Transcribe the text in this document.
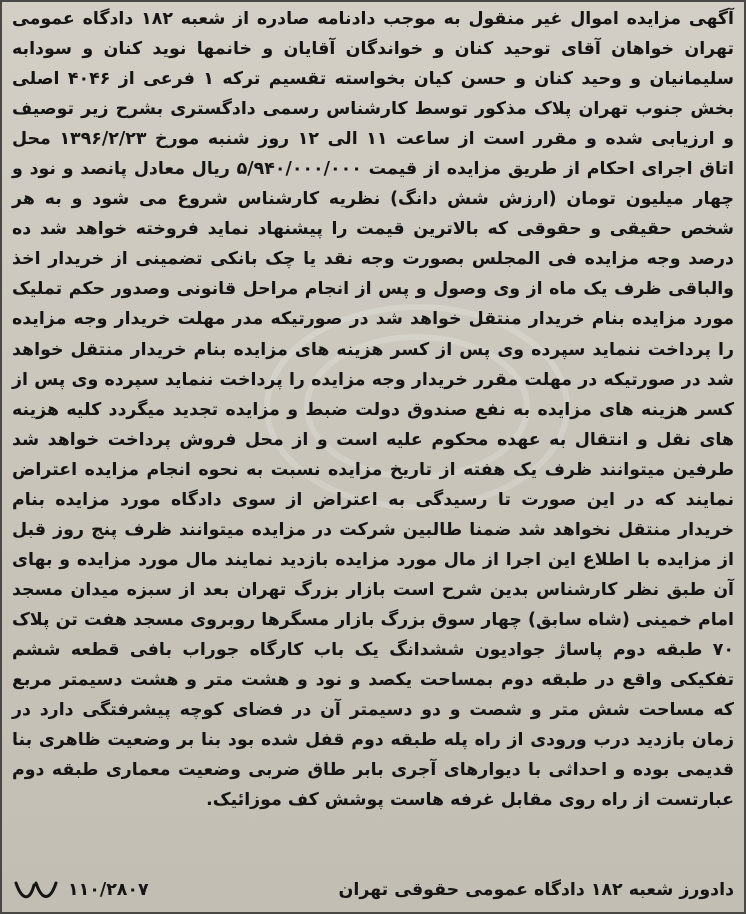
آگهی مزایده اموال غیر منقول به موجب دادنامه صادره از شعبه ۱۸۲ دادگاه عمومی تهران خواهان آقای توحید کنان و خواندگان آقایان و خانمها نوید کنان و سودابه سلیمانیان و وحید کنان و حسن کیان بخواسته تقسیم ترکه ۱ فرعی از ۴۰۴۶ اصلی بخش جنوب تهران پلاک مذکور توسط کارشناس رسمی دادگستری بشرح زیر توصیف و ارزیابی شده و مقرر است از ساعت ۱۱ الی ۱۲ روز شنبه مورخ ۱۳۹۶/۲/۲۳ محل اتاق اجرای احکام از طریق مزایده از قیمت ۵/۹۴۰/۰۰۰/۰۰۰ ریال معادل پانصد و نود و چهار میلیون تومان (ارزش شش دانگ) نظریه کارشناس شروع می شود و به هر شخص حقیقی و حقوقی که بالاترین قیمت را پیشنهاد نماید فروخته خواهد شد ده درصد وجه مزایده فی المجلس بصورت وجه نقد یا چک بانکی تضمینی از خریدار اخذ والباقی ظرف یک ماه از وی وصول و پس از انجام مراحل قانونی وصدور حکم تملیک مورد مزایده بنام خریدار منتقل خواهد شد در صورتیکه مدر مهلت خریدار وجه مزایده را پرداخت ننماید سپرده وی پس از کسر هزینه های مزایده بنام خریدار منتقل خواهد شد در صورتیکه در مهلت مقرر خریدار وجه مزایده را پرداخت ننماید سپرده وی پس از کسر هزینه های مزایده به نفع صندوق دولت ضبط و مزایده تجدید میگردد کلیه هزینه های نقل و انتقال به عهده محکوم علیه است و از محل فروش پرداخت خواهد شد طرفین میتوانند ظرف یک هفته از تاریخ مزایده نسبت به نحوه انجام مزایده اعتراض نمایند که در این صورت تا رسیدگی به اعتراض از سوی دادگاه مورد مزایده بنام خریدار منتقل نخواهد شد ضمنا طالبین شرکت در مزایده میتوانند ظرف پنج روز قبل از مزایده با اطلاع این اجرا از مال مورد مزایده بازدید نمایند مال مورد مزایده و بهای آن طبق نظر کارشناس بدین شرح است بازار بزرگ تهران بعد از سبزه میدان مسجد امام خمینی (شاه سابق) چهار سوق بزرگ بازار مسگرها روبروی مسجد هفت تن پلاک ۷۰ طبقه دوم پاساژ جوادیون ششدانگ یک باب کارگاه جوراب بافی قطعه ششم تفکیکی واقع در طبقه دوم بمساحت یکصد و نود و هشت متر و هشت دسیمتر مربع که مساحت شش متر و شصت و دو دسیمتر آن در فضای کوچه پیشرفتگی دارد در زمان بازدید درب ورودی از راه پله طبقه دوم قفل شده بود بنا بر وضعیت ظاهری بنا قدیمی بوده و احداثی با دیوارهای آجری بابر طاق ضربی وضعیت معماری طبقه دوم عبارتست از راه روی مقابل غرفه هاست پوشش کف موزائیک.

دادورز شعبه ۱۸۲ دادگاه عمومی حقوقی تهران
۱۱۰/۲۸۰۷
